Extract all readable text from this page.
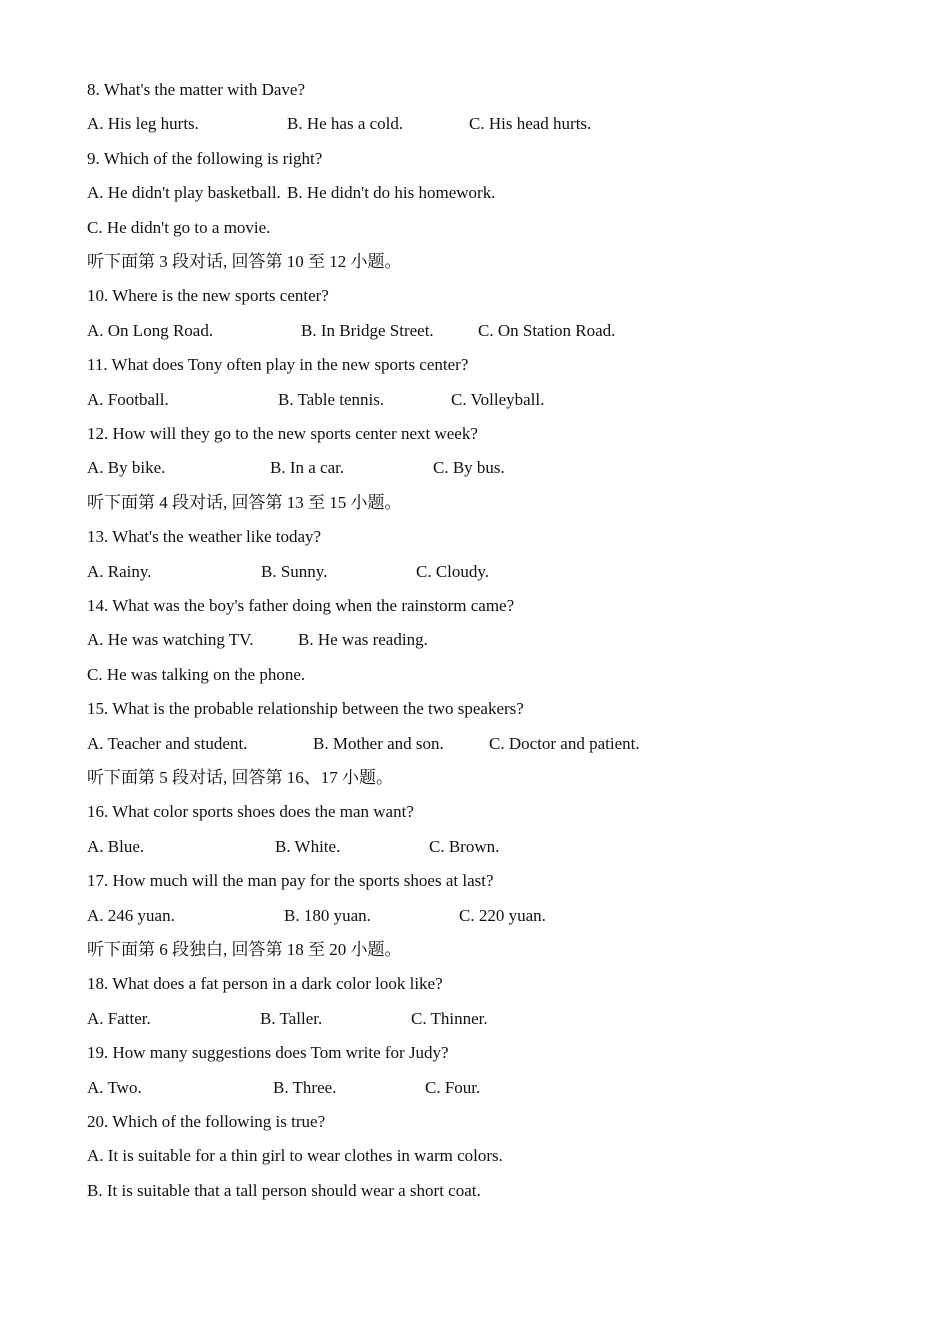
8. What's the matter with Dave?
A. His leg hurts.	B. He has a cold.	C. His head hurts.
9. Which of the following is right?
A. He didn't play basketball. B. He didn't do his homework.
C. He didn't go to a movie.
听下面第 3 段对话, 回答第 10 至 12 小题。
10. Where is the new sports center?
A. On Long Road.	B. In Bridge Street.	C. On Station Road.
11. What does Tony often play in the new sports center?
A. Football.	B. Table tennis.	C. Volleyball.
12. How will they go to the new sports center next week?
A. By bike.	B. In a car.	C. By bus.
听下面第 4 段对话, 回答第 13 至 15 小题。
13. What's the weather like today?
A. Rainy.	B. Sunny.	C. Cloudy.
14. What was the boy's father doing when the rainstorm came?
A. He was watching TV.	B. He was reading.
C. He was talking on the phone.
15. What is the probable relationship between the two speakers?
A. Teacher and student.	B. Mother and son.	C. Doctor and patient.
听下面第 5 段对话, 回答第 16、17 小题。
16. What color sports shoes does the man want?
A. Blue.	B. White.	C. Brown.
17. How much will the man pay for the sports shoes at last?
A. 246 yuan.	B. 180 yuan.	C. 220 yuan.
听下面第 6 段独白, 回答第 18 至 20 小题。
18. What does a fat person in a dark color look like?
A. Fatter.	B. Taller.	C. Thinner.
19. How many suggestions does Tom write for Judy?
A. Two.	B. Three.	C. Four.
20. Which of the following is true?
A. It is suitable for a thin girl to wear clothes in warm colors.
B. It is suitable that a tall person should wear a short coat.
